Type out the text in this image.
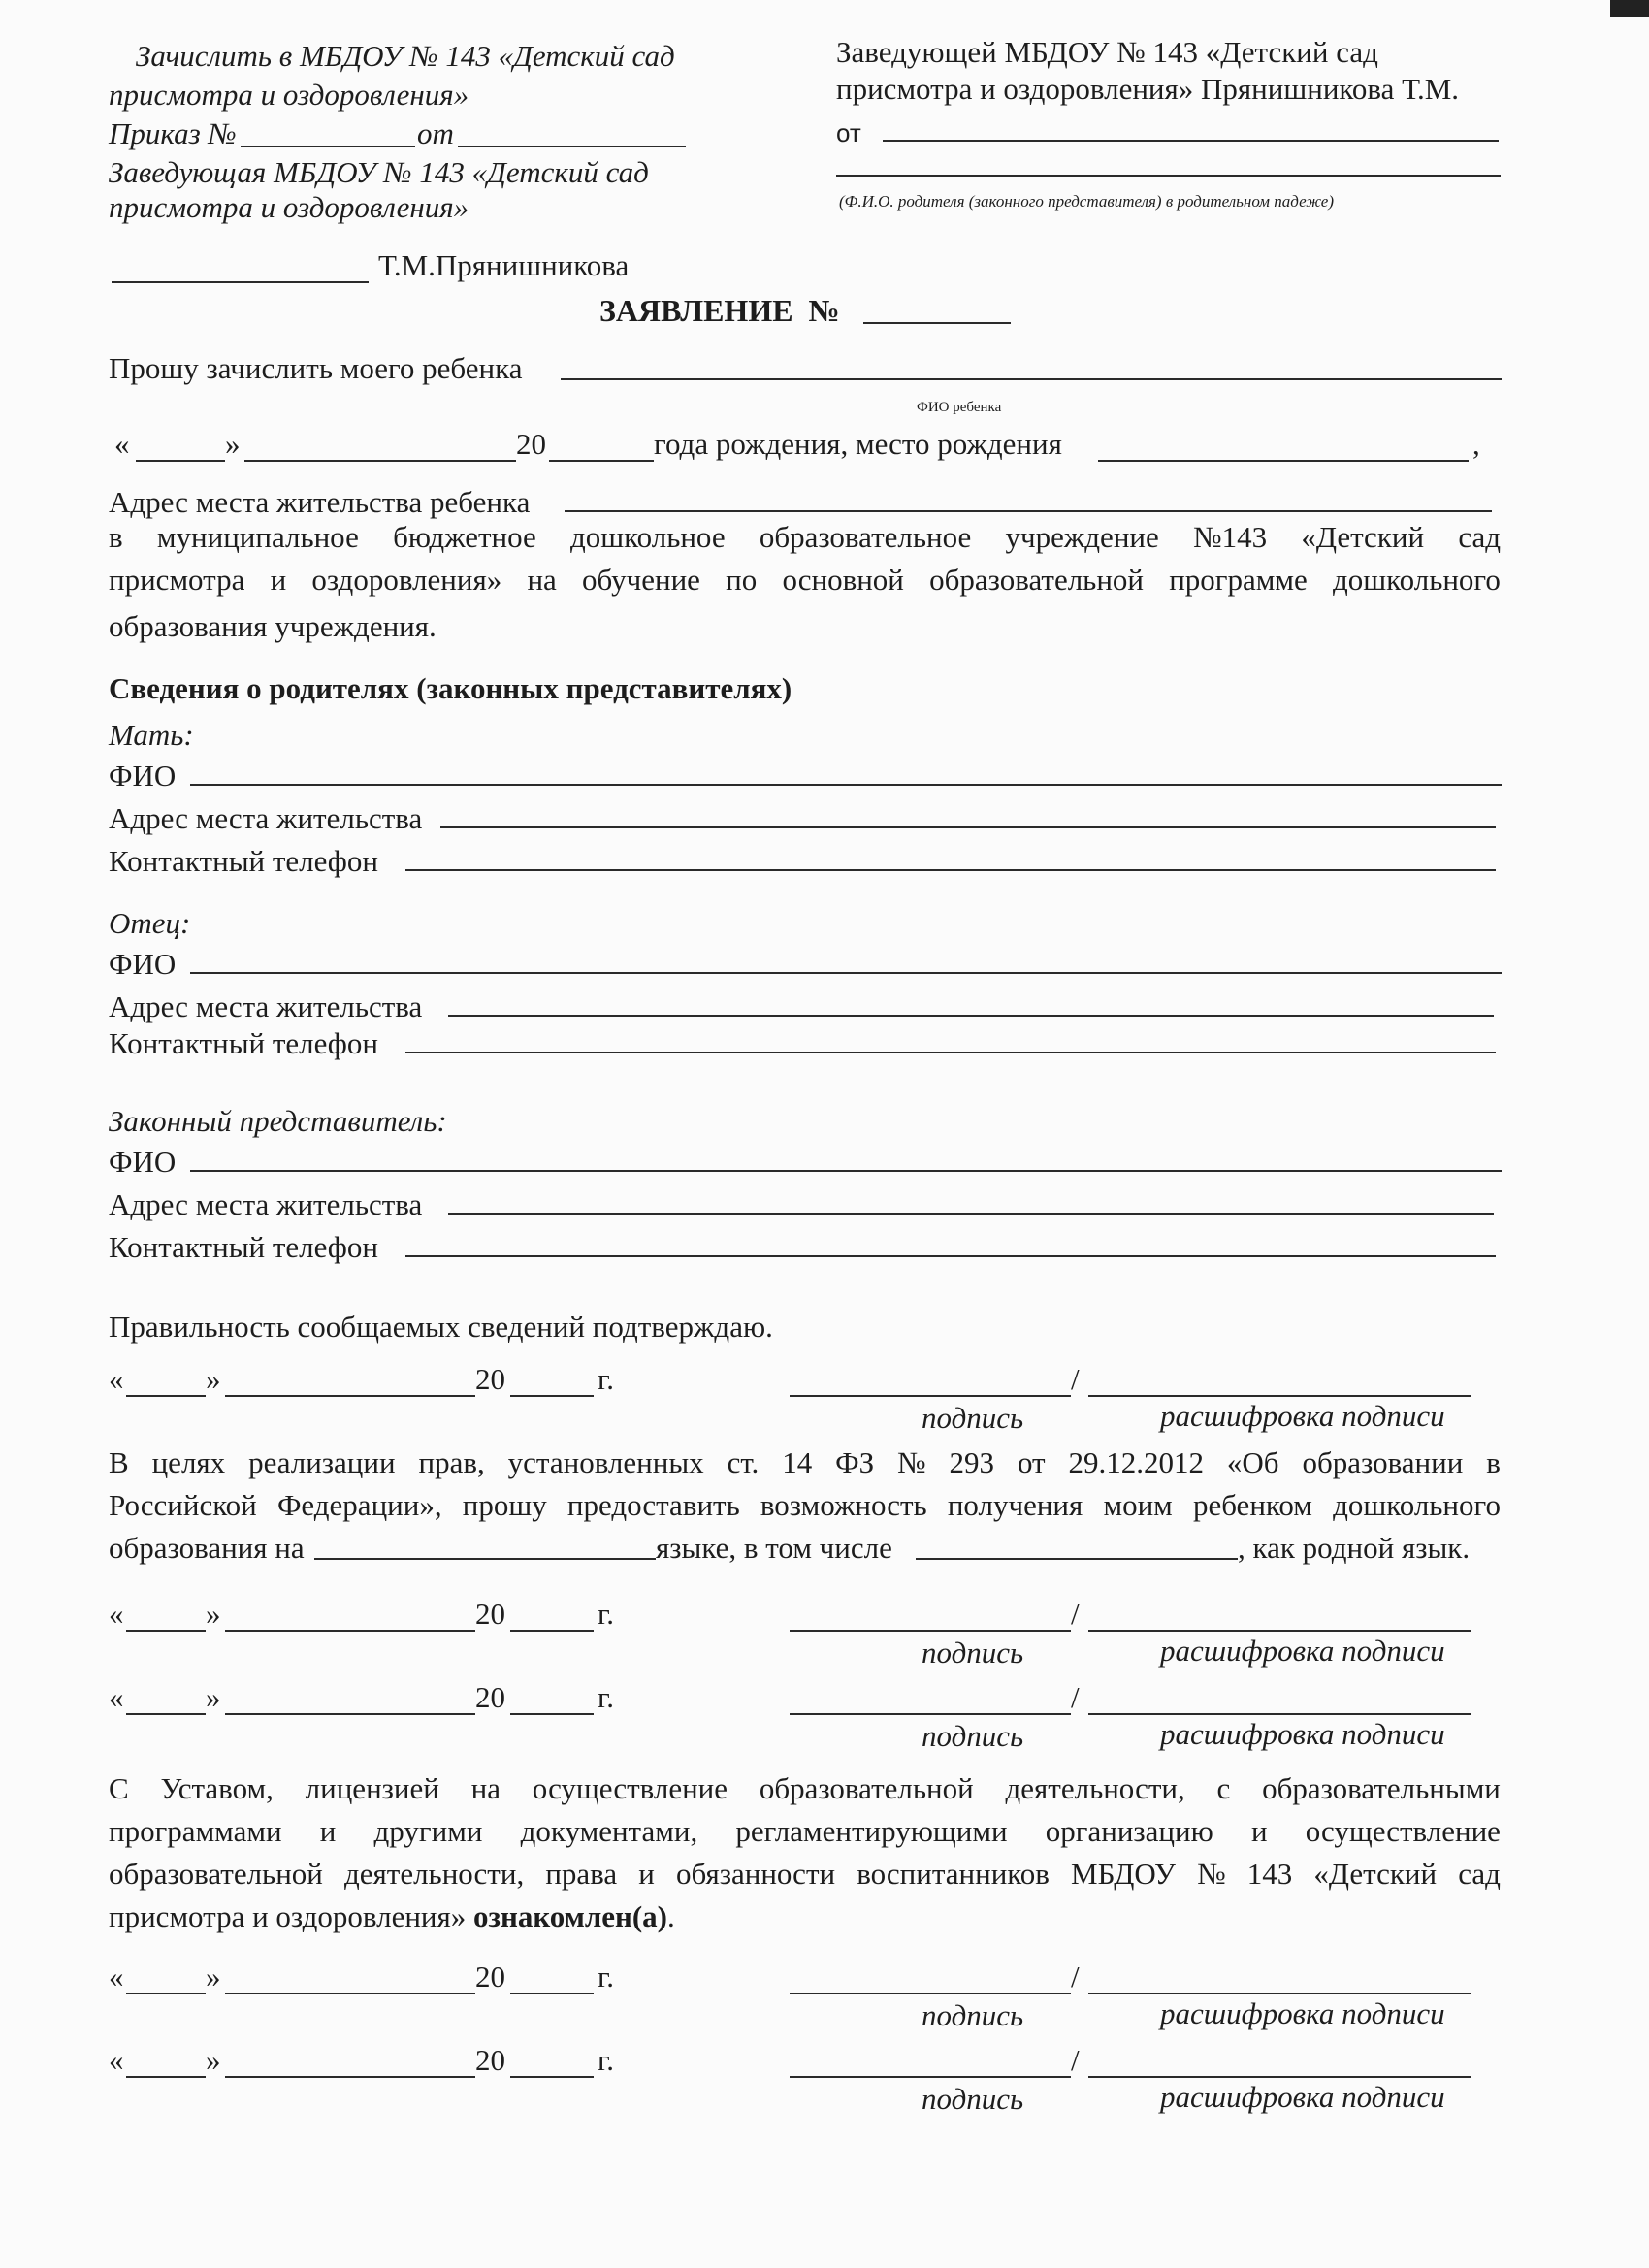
Зачислить в МБДОУ № 143 «Детский сад
присмотра и оздоровления»
Приказ №	от
Заведующая МБДОУ № 143 «Детский сад
присмотра и оздоровления»
Т.М.Прянишникова
Заведующей МБДОУ № 143 «Детский сад
присмотра и оздоровления» Прянишникова Т.М.
от
(Ф.И.О. родителя (законного представителя) в родительном падеже)
ЗАЯВЛЕНИЕ №
Прошу зачислить моего ребенка
ФИО ребенка
«	»	20	года рождения, место рождения	,
Адрес места жительства ребенка
в муниципальное бюджетное дошкольное образовательное учреждение №143 «Детский сад
присмотра и оздоровления» на обучение по основной образовательной программе дошкольного
образования учреждения.
Сведения о родителях (законных представителях)
Мать:
ФИО
Адрес места жительства
Контактный телефон
Отец:
ФИО
Адрес места жительства
Контактный телефон
Законный представитель:
ФИО
Адрес места жительства
Контактный телефон
Правильность сообщаемых сведений подтверждаю.
«	»	20	г.	/
подпись	расшифровка подписи
В целях реализации прав, установленных ст. 14 ФЗ № 293 от 29.12.2012 «Об образовании в
Российской Федерации», прошу предоставить возможность получения моим ребенком дошкольного
образования на	языке, в том числе	, как родной язык.
«	»	20	г.	/
подпись	расшифровка подписи
«	»	20	г.	/
подпись	расшифровка подписи
С Уставом, лицензией на осуществление образовательной деятельности, с образовательными
программами и другими документами, регламентирующими организацию и осуществление
образовательной деятельности, права и обязанности воспитанников МБДОУ № 143 «Детский сад
присмотра и оздоровления» ознакомлен(а).
«	»	20	г.	/
подпись	расшифровка подписи
«	»	20	г.	/
подпись	расшифровка подписи
